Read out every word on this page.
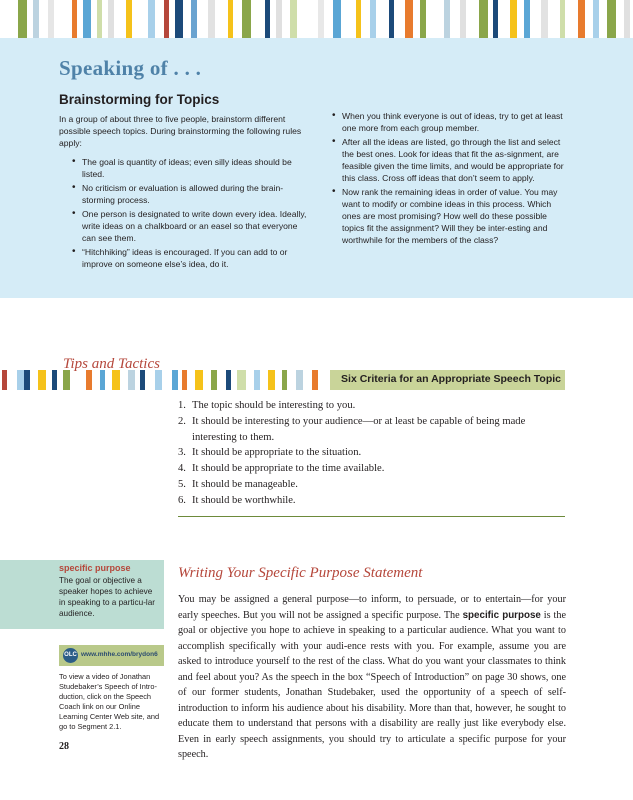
Speaking of . . .
Brainstorming for Topics

In a group of about three to five people, brainstorm different possible speech topics. During brainstorming the following rules apply:

• The goal is quantity of ideas; even silly ideas should be listed.
• No criticism or evaluation is allowed during the brain-storming process.
• One person is designated to write down every idea. Ideally, write ideas on a chalkboard or an easel so that everyone can see them.
• “Hitchhiking” ideas is encouraged. If you can add to or improve on someone else’s idea, do it.
• When you think everyone is out of ideas, try to get at least one more from each group member.
• After all the ideas are listed, go through the list and select the best ones. Look for ideas that fit the as-signment, are feasible given the time limits, and would be appropriate for this class. Cross off ideas that don’t seem to apply.
• Now rank the remaining ideas in order of value. You may want to modify or combine ideas in this process. Which ones are most promising? How well do these possible topics fit the assignment? Will they be inter-esting and worthwhile for the members of the class?
Six Criteria for an Appropriate Speech Topic
Tips and Tactics
1. The topic should be interesting to you.
2. It should be interesting to your audience—or at least be capable of being made interesting to them.
3. It should be appropriate to the situation.
4. It should be appropriate to the time available.
5. It should be manageable.
6. It should be worthwhile.
specific purpose
The goal or objective a speaker hopes to achieve in speaking to a particu-lar audience.
OLC www.mhhe.com/brydon6
To view a video of Jonathan Studebaker’s Speech of Intro-duction, click on the Speech Coach link on our Online Learning Center Web site, and go to Segment 2.1.
28
Writing Your Specific Purpose Statement
You may be assigned a general purpose—to inform, to persuade, or to entertain—for your early speeches. But you will not be assigned a specific purpose. The specific purpose is the goal or objective you hope to achieve in speaking to a particular audience. What you want to accomplish specifically with your audi-ence rests with you. For example, assume you are asked to introduce yourself to the rest of the class. What do you want your classmates to think and feel about you? As the speech in the box “Speech of Introduction” on page 30 shows, one of our former students, Jonathan Studebaker, used the opportunity of a speech of self-introduction to inform his audience about his disability. More than that, however, he sought to educate them to understand that persons with a disability are really just like everybody else. Even in early speech assignments, you should try to articulate a specific purpose for your speech.
